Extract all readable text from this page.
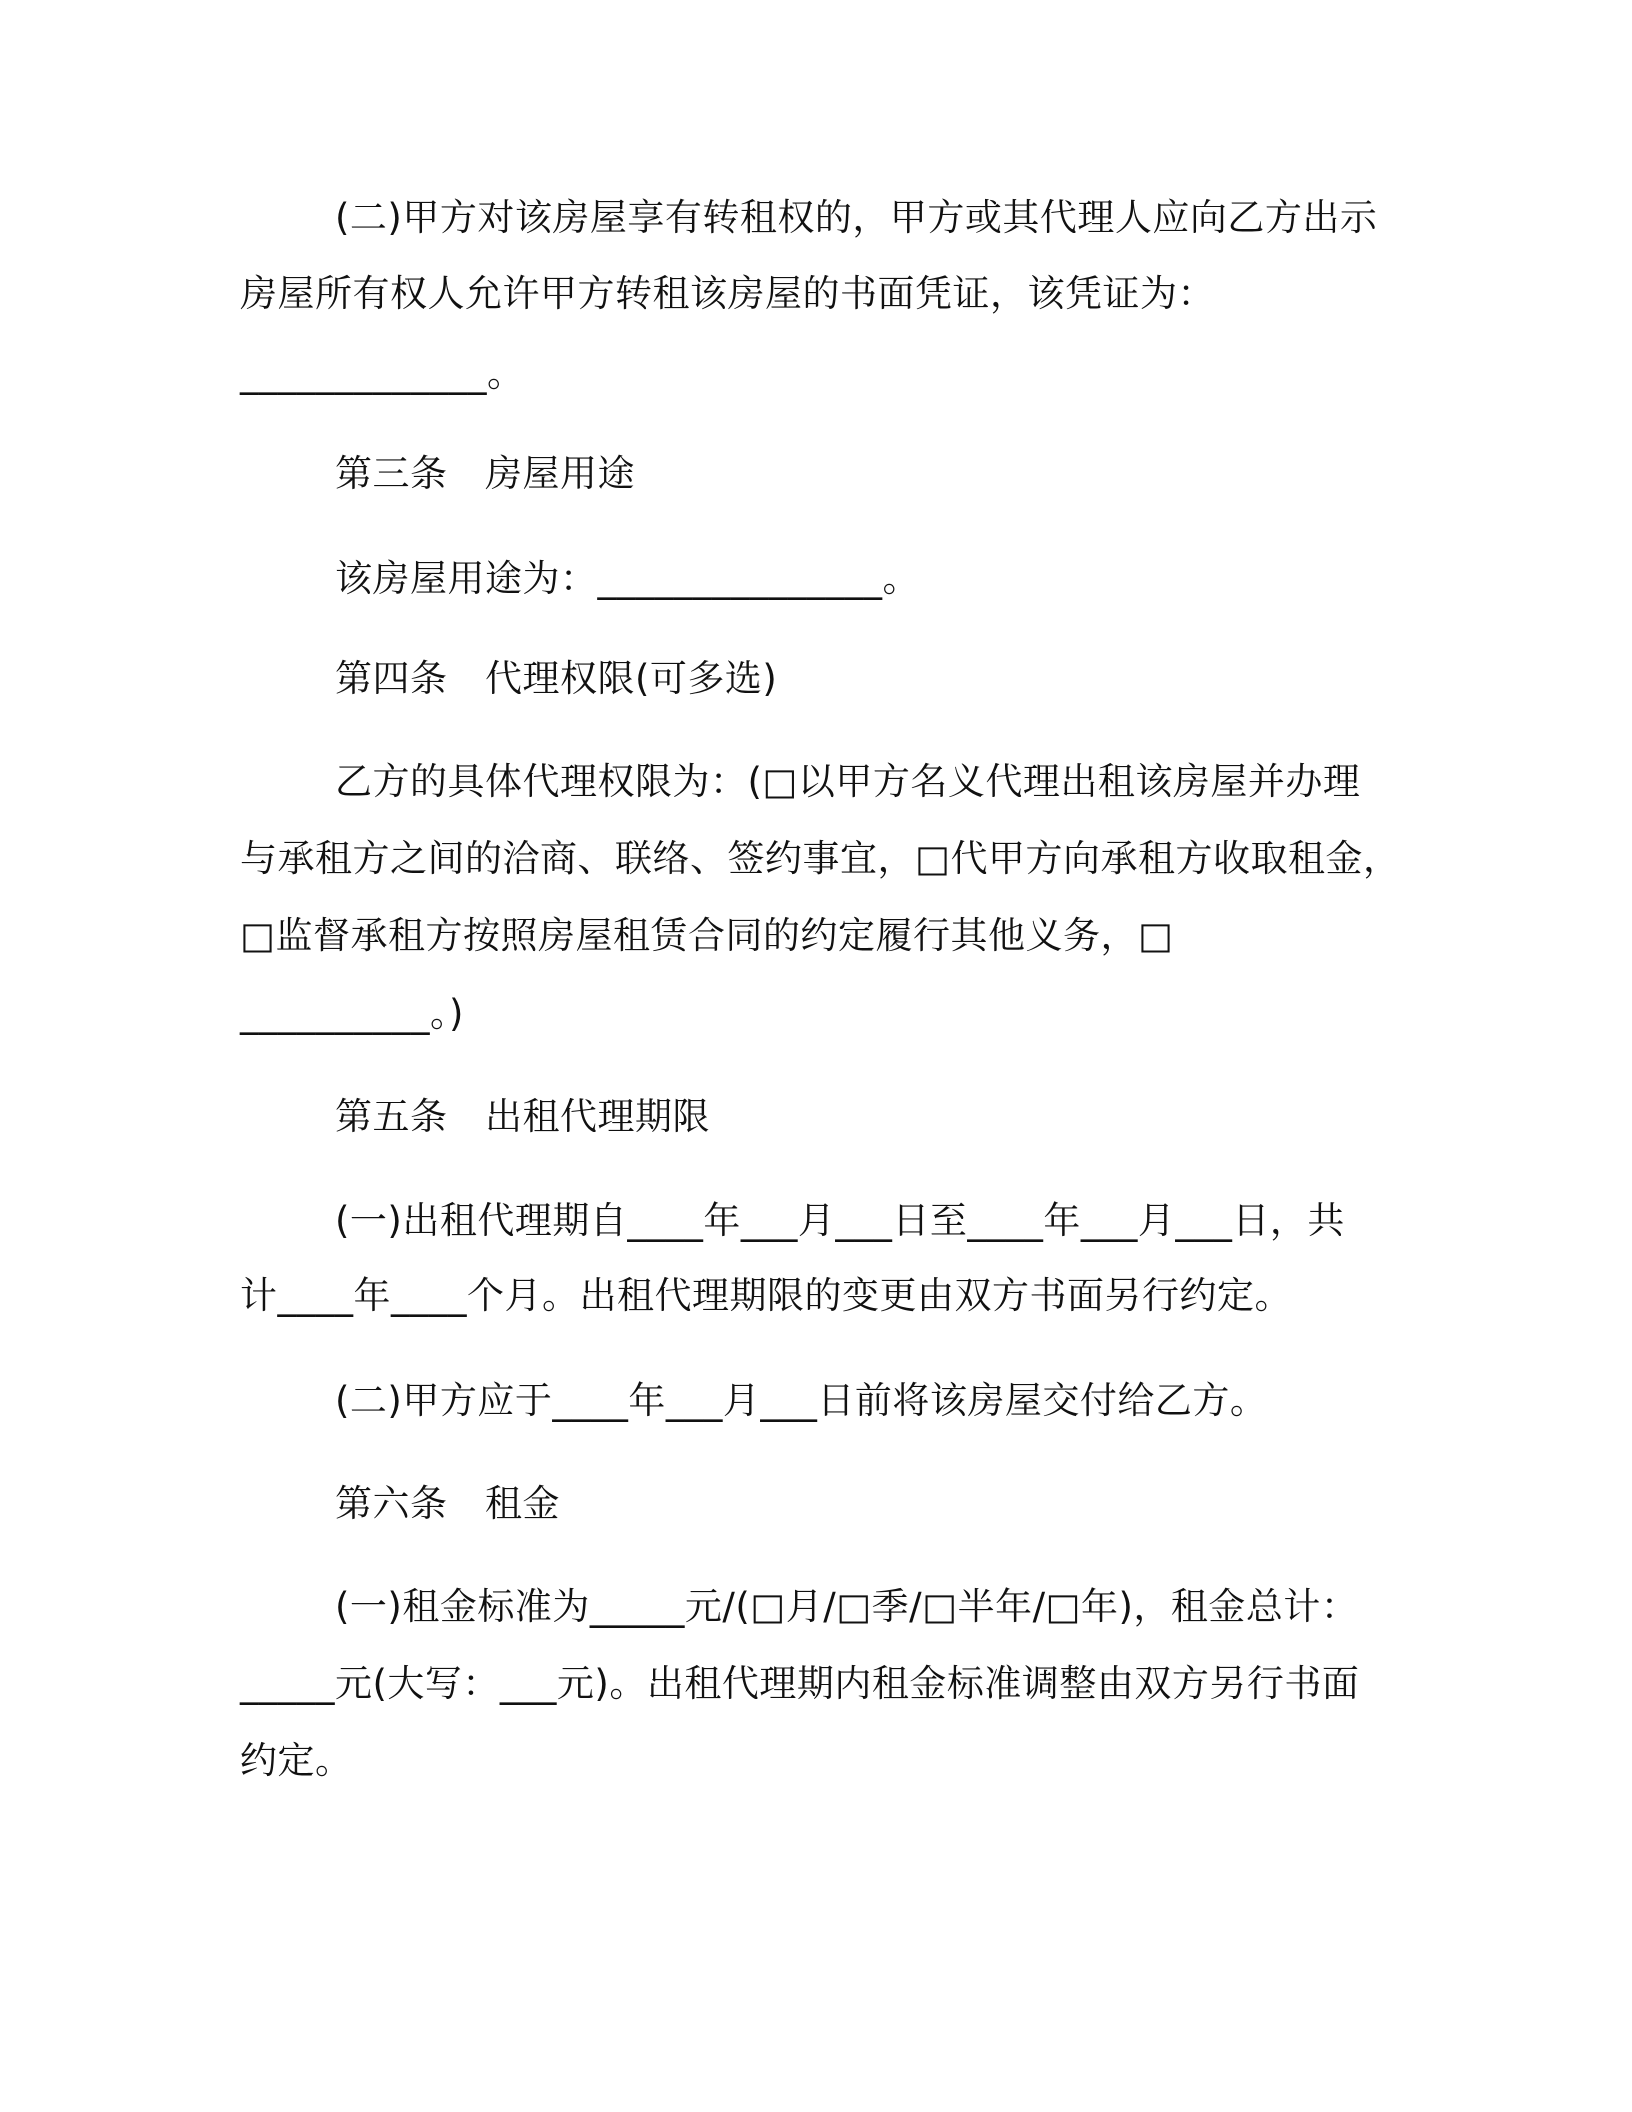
(二)甲方对该房屋享有转租权的，甲方或其代理人应向乙方出示
房屋所有权人允许甲方转租该房屋的书面凭证，该凭证为：
_____________。
第三条　房屋用途
该房屋用途为：_______________。
第四条　代理权限(可多选)
乙方的具体代理权限为：(□以甲方名义代理出租该房屋并办理
与承租方之间的洽商、联络、签约事宜，□代甲方向承租方收取租金，
□监督承租方按照房屋租赁合同的约定履行其他义务，□
__________。)
第五条　出租代理期限
(一)出租代理期自____年___月___日至____年___月___日，共
计____年____个月。出租代理期限的变更由双方书面另行约定。
(二)甲方应于____年___月___日前将该房屋交付给乙方。
第六条　租金
(一)租金标准为_____元/(□月/□季/□半年/□年)，租金总计：
_____元(大写：___元)。出租代理期内租金标准调整由双方另行书面
约定。
